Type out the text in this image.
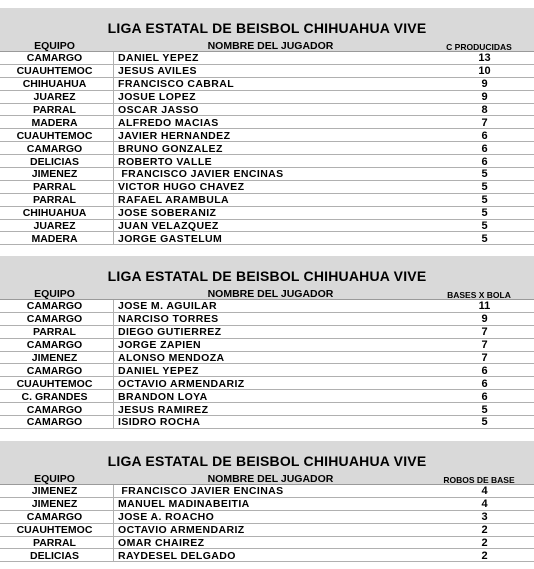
LIGA ESTATAL DE BEISBOL CHIHUAHUA VIVE
EQUIPO	NOMBRE DEL JUGADOR	C PRODUCIDAS
CAMARGO	DANIEL YEPEZ	13
CUAUHTEMOC	JESUS AVILES	10
CHIHUAHUA	FRANCISCO CABRAL	9
JUAREZ	JOSUE LOPEZ	9
PARRAL	OSCAR JASSO	8
MADERA	ALFREDO MACIAS	7
CUAUHTEMOC	JAVIER HERNANDEZ	6
CAMARGO	BRUNO GONZALEZ	6
DELICIAS	ROBERTO VALLE	6
JIMENEZ	FRANCISCO JAVIER ENCINAS	5
PARRAL	VICTOR HUGO CHAVEZ	5
PARRAL	RAFAEL ARAMBULA	5
CHIHUAHUA	JOSE SOBERANIZ	5
JUAREZ	JUAN VELAZQUEZ	5
MADERA	JORGE GASTELUM	5
LIGA ESTATAL DE BEISBOL CHIHUAHUA VIVE
EQUIPO	NOMBRE DEL JUGADOR	BASES X BOLA
CAMARGO	JOSE M. AGUILAR	11
CAMARGO	NARCISO TORRES	9
PARRAL	DIEGO GUTIERREZ	7
CAMARGO	JORGE ZAPIEN	7
JIMENEZ	ALONSO MENDOZA	7
CAMARGO	DANIEL YEPEZ	6
CUAUHTEMOC	OCTAVIO ARMENDARIZ	6
C. GRANDES	BRANDON LOYA	6
CAMARGO	JESUS RAMIREZ	5
CAMARGO	ISIDRO ROCHA	5
LIGA ESTATAL DE BEISBOL CHIHUAHUA VIVE
EQUIPO	NOMBRE DEL JUGADOR	ROBOS DE BASE
JIMENEZ	FRANCISCO JAVIER ENCINAS	4
JIMENEZ	MANUEL MADINABEITIA	4
CAMARGO	JOSE A. ROACHO	3
CUAUHTEMOC	OCTAVIO ARMENDARIZ	2
PARRAL	OMAR CHAIREZ	2
DELICIAS	RAYDESEL DELGADO	2
